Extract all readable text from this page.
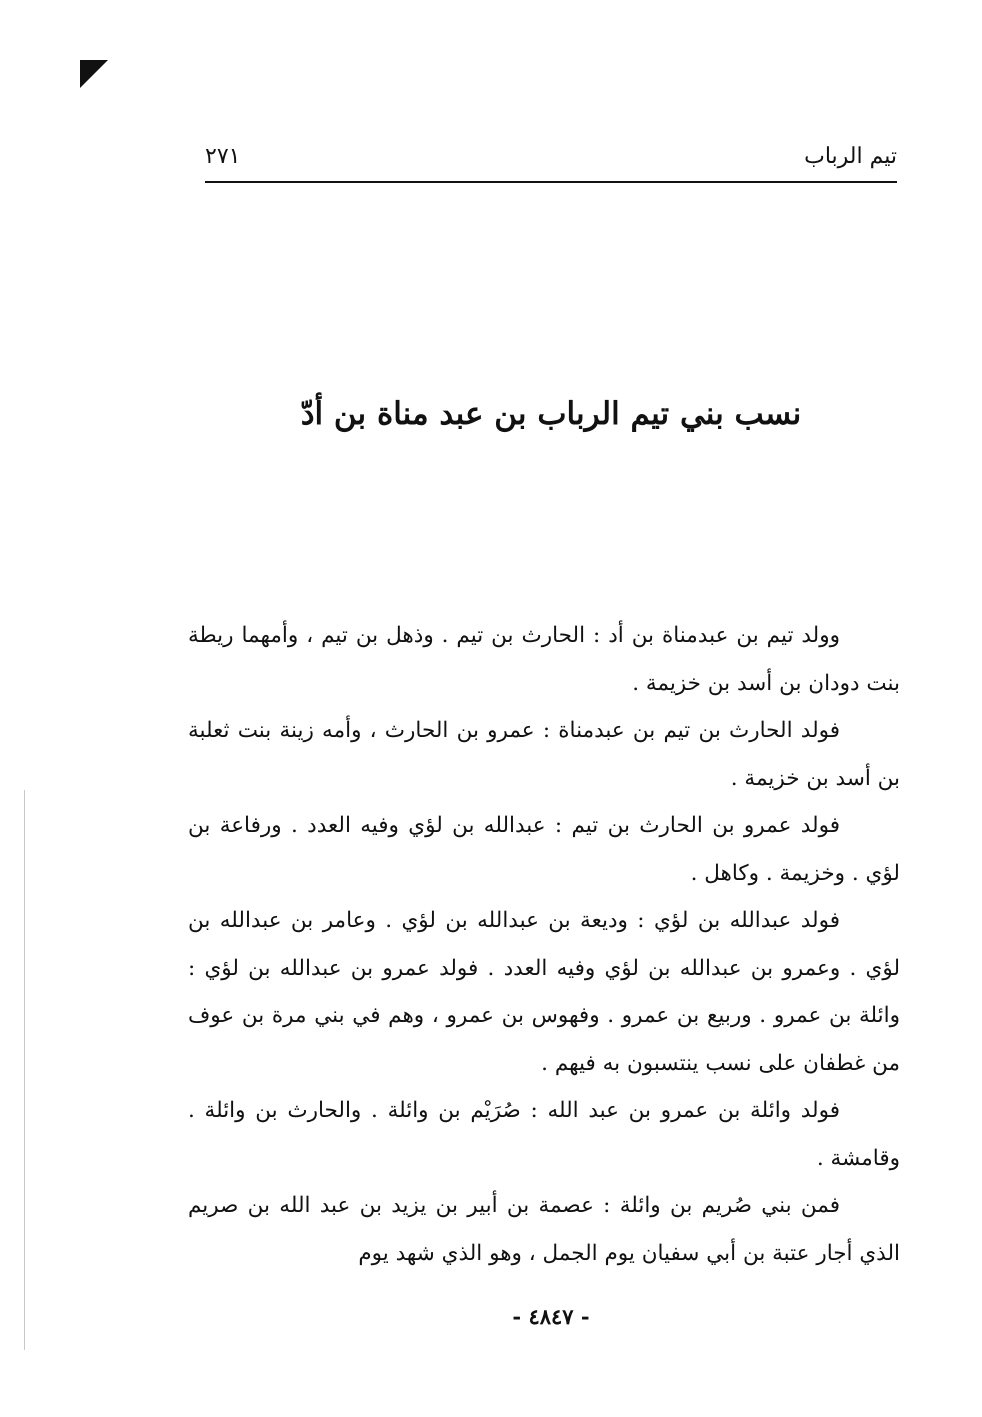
تيم الرباب
٢٧١
نسب بني تيم الرباب بن عبد مناة بن أدّ

وولد تيم بن عبدمناة بن أد : الحارث بن تيم . وذهل بن تيم ، وأمهما ريطة بنت دودان بن أسد بن خزيمة .

فولد الحارث بن تيم بن عبدمناة : عمرو بن الحارث ، وأمه زينة بنت ثعلبة بن أسد بن خزيمة .

فولد عمرو بن الحارث بن تيم : عبدالله بن لؤي وفيه العدد . ورفاعة بن لؤي . وخزيمة . وكاهل .

فولد عبدالله بن لؤي : وديعة بن عبدالله بن لؤي . وعامر بن عبدالله بن لؤي . وعمرو بن عبدالله بن لؤي وفيه العدد . فولد عمرو بن عبدالله بن لؤي : وائلة بن عمرو . وربيع بن عمرو . وفهوس بن عمرو ، وهم في بني مرة بن عوف من غطفان على نسب ينتسبون به فيهم .

فولد وائلة بن عمرو بن عبد الله : صُرَيْم بن وائلة . والحارث بن وائلة . وقامشة .

فمن بني صُريم بن وائلة : عصمة بن أبير بن يزيد بن عبد الله بن صريم الذي أجار عتبة بن أبي سفيان يوم الجمل ، وهو الذي شهد يوم

- ٤٨٤٧ -
